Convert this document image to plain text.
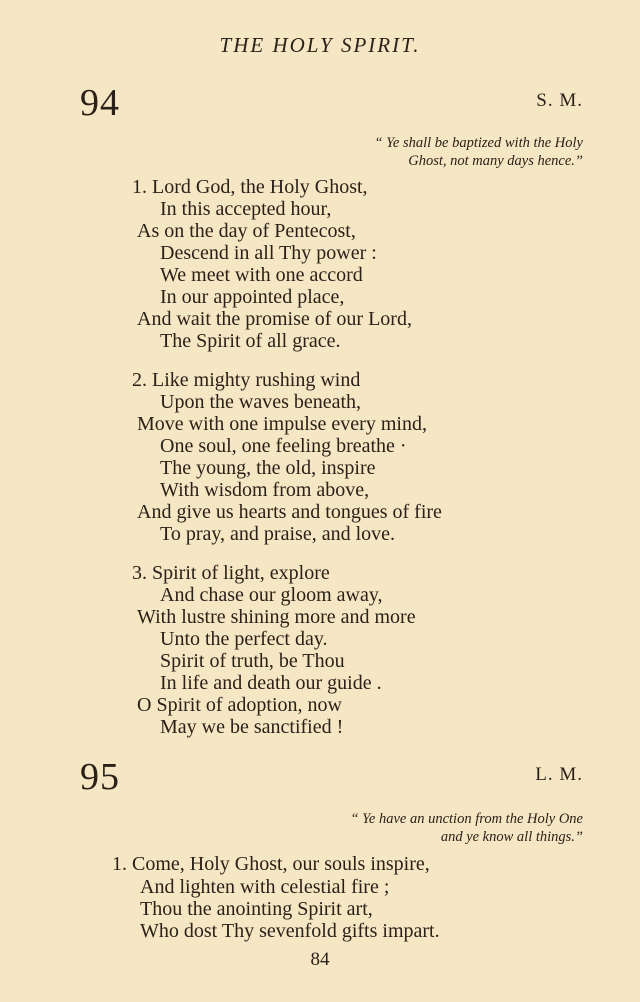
THE HOLY SPIRIT.
94	S. M.
“ Ye shall be baptized with the Holy
Ghost, not many days hence.”
1. Lord God, the Holy Ghost,
In this accepted hour,
As on the day of Pentecost,
Descend in all Thy power :
We meet with one accord
In our appointed place,
And wait the promise of our Lord,
The Spirit of all grace.
2. Like mighty rushing wind
Upon the waves beneath,
Move with one impulse every mind,
One soul, one feeling breathe ·
The young, the old, inspire
With wisdom from above,
And give us hearts and tongues of fire
To pray, and praise, and love.
3. Spirit of light, explore
And chase our gloom away,
With lustre shining more and more
Unto the perfect day.
Spirit of truth, be Thou
In life and death our guide .
O Spirit of adoption, now
May we be sanctified !
95	L. M.
“ Ye have an unction from the Holy One
and ye know all things.”
1. Come, Holy Ghost, our souls inspire,
And lighten with celestial fire ;
Thou the anointing Spirit art,
Who dost Thy sevenfold gifts impart.
84
